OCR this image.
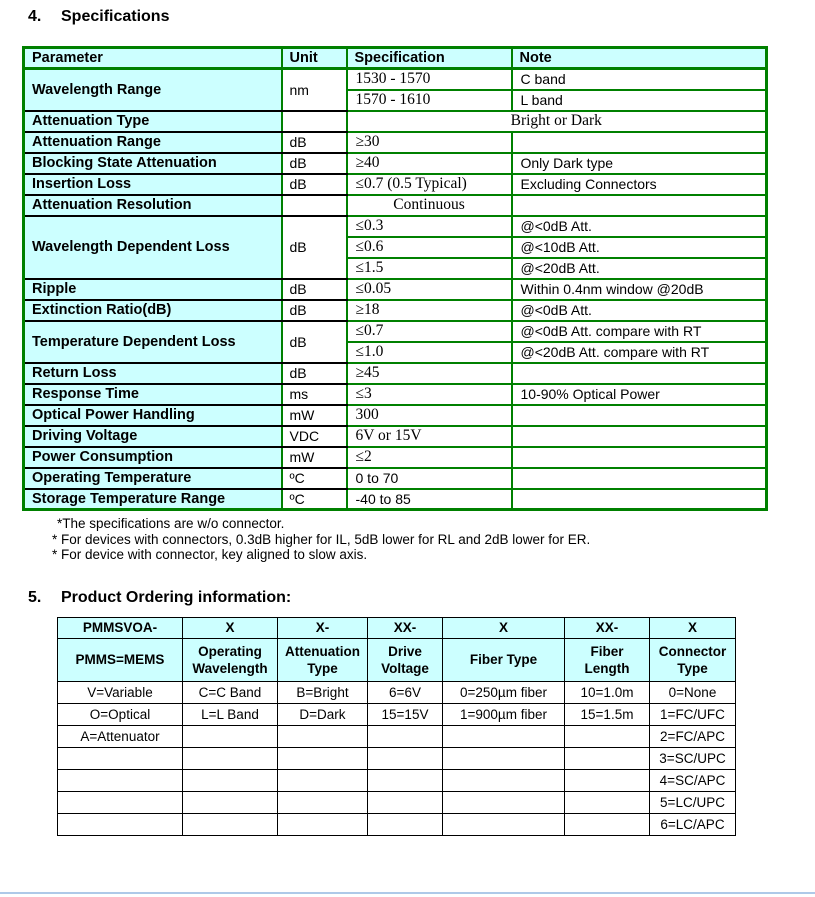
4. Specifications
Parameter	Unit	Specification	Note
Wavelength Range	nm	1530 - 1570	C band
		1570 - 1610	L band
Attenuation Type		Bright or Dark	
Attenuation Range	dB	≥30	
Blocking State Attenuation	dB	≥40	Only Dark type
Insertion Loss	dB	≤0.7 (0.5 Typical)	Excluding Connectors
Attenuation Resolution		Continuous	
Wavelength Dependent Loss	dB	≤0.3	@<0dB Att.
		≤0.6	@<10dB Att.
		≤1.5	@<20dB Att.
Ripple	dB	≤0.05	Within 0.4nm window @20dB
Extinction Ratio(dB)	dB	≥18	@<0dB Att.
Temperature Dependent Loss	dB	≤0.7	@<0dB Att. compare with RT
		≤1.0	@<20dB Att. compare with RT
Return Loss	dB	≥45	
Response Time	ms	≤3	10-90% Optical Power
Optical Power Handling	mW	300	
Driving Voltage	VDC	6V or 15V	
Power Consumption	mW	≤2	
Operating Temperature	ºC	0 to 70	
Storage Temperature Range	ºC	-40 to 85	
*The specifications are w/o connector.
* For devices with connectors, 0.3dB higher for IL, 5dB lower for RL and 2dB lower for ER.
* For device with connector, key aligned to slow axis.
5. Product Ordering information:
PMMSVOA-	X	X-	XX-	X	XX-	X
PMMS=MEMS	Operating Wavelength	Attenuation Type	Drive Voltage	Fiber Type	Fiber Length	Connector Type
V=Variable	C=C Band	B=Bright	6=6V	0=250µm fiber	10=1.0m	0=None
O=Optical	L=L Band	D=Dark	15=15V	1=900µm fiber	15=1.5m	1=FC/UFC
A=Attenuator						2=FC/APC
						3=SC/UPC
						4=SC/APC
						5=LC/UPC
						6=LC/APC
